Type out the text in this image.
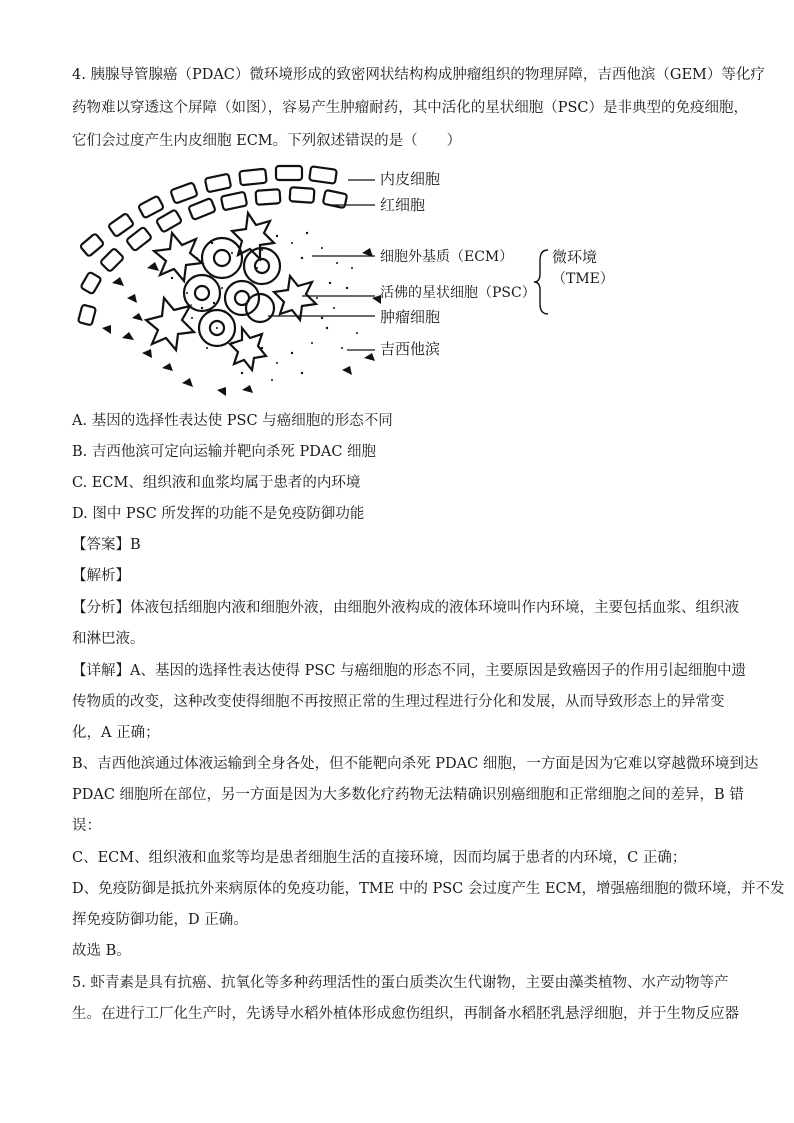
4. 胰腺导管腺癌（PDAC）微环境形成的致密网状结构构成肿瘤组织的物理屏障，吉西他滨（GEM）等化疗

药物难以穿透这个屏障（如图），容易产生肿瘤耐药，其中活化的星状细胞（PSC）是非典型的免疫细胞，

它们会过度产生内皮细胞 ECM。下列叙述错误的是（　　）

内皮细胞
红细胞
细胞外基质（ECM）
活佛的星状细胞（PSC）
肿瘤细胞
吉西他滨
微环境
（TME）

A. 基因的选择性表达使 PSC 与癌细胞的形态不同

B. 吉西他滨可定向运输并靶向杀死 PDAC 细胞

C. ECM、组织液和血浆均属于患者的内环境

D. 图中 PSC 所发挥的功能不是免疫防御功能

【答案】B

【解析】

【分析】体液包括细胞内液和细胞外液，由细胞外液构成的液体环境叫作内环境，主要包括血浆、组织液

和淋巴液。

【详解】A、基因的选择性表达使得 PSC 与癌细胞的形态不同，主要原因是致癌因子的作用引起细胞中遗

传物质的改变，这种改变使得细胞不再按照正常的生理过程进行分化和发展，从而导致形态上的异常变

化，A 正确；

B、吉西他滨通过体液运输到全身各处，但不能靶向杀死 PDAC 细胞，一方面是因为它难以穿越微环境到达

PDAC 细胞所在部位，另一方面是因为大多数化疗药物无法精确识别癌细胞和正常细胞之间的差异，B 错

误：

C、ECM、组织液和血浆等均是患者细胞生活的直接环境，因而均属于患者的内环境，C 正确；

D、免疫防御是抵抗外来病原体的免疫功能，TME 中的 PSC 会过度产生 ECM，增强癌细胞的微环境，并不发

挥免疫防御功能，D 正确。

故选 B。

5. 虾青素是具有抗癌、抗氧化等多种药理活性的蛋白质类次生代谢物，主要由藻类植物、水产动物等产

生。在进行工厂化生产时，先诱导水稻外植体形成愈伤组织，再制备水稻胚乳悬浮细胞，并于生物反应器
